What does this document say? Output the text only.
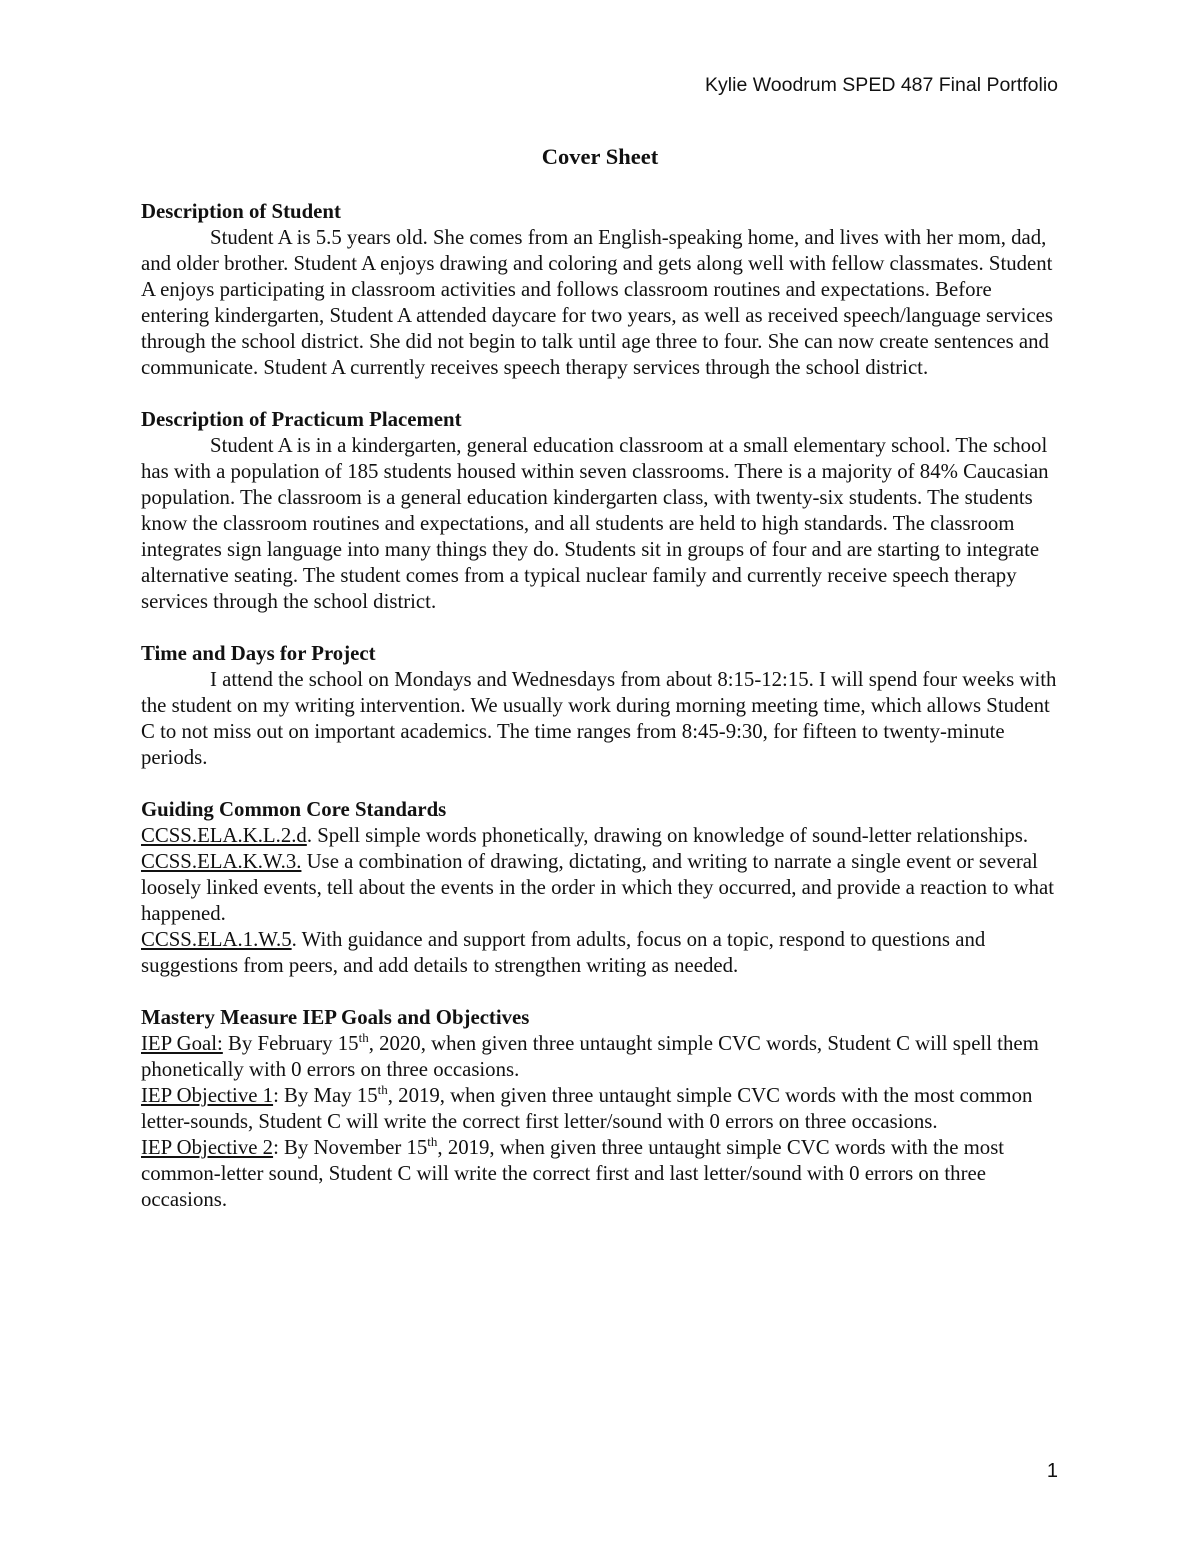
Kylie Woodrum SPED 487 Final Portfolio
Cover Sheet

Description of Student

Student A is 5.5 years old. She comes from an English-speaking home, and lives with her mom, dad, and older brother. Student A enjoys drawing and coloring and gets along well with fellow classmates. Student A enjoys participating in classroom activities and follows classroom routines and expectations. Before entering kindergarten, Student A attended daycare for two years, as well as received speech/language services through the school district. She did not begin to talk until age three to four. She can now create sentences and communicate. Student A currently receives speech therapy services through the school district.

Description of Practicum Placement

Student A is in a kindergarten, general education classroom at a small elementary school. The school has with a population of 185 students housed within seven classrooms. There is a majority of 84% Caucasian population. The classroom is a general education kindergarten class, with twenty-six students. The students know the classroom routines and expectations, and all students are held to high standards. The classroom integrates sign language into many things they do. Students sit in groups of four and are starting to integrate alternative seating. The student comes from a typical nuclear family and currently receive speech therapy services through the school district.

Time and Days for Project

I attend the school on Mondays and Wednesdays from about 8:15-12:15. I will spend four weeks with the student on my writing intervention. We usually work during morning meeting time, which allows Student C to not miss out on important academics. The time ranges from 8:45-9:30, for fifteen to twenty-minute periods.

Guiding Common Core Standards

CCSS.ELA.K.L.2.d. Spell simple words phonetically, drawing on knowledge of sound-letter relationships.

CCSS.ELA.K.W.3. Use a combination of drawing, dictating, and writing to narrate a single event or several loosely linked events, tell about the events in the order in which they occurred, and provide a reaction to what happened.

CCSS.ELA.1.W.5. With guidance and support from adults, focus on a topic, respond to questions and suggestions from peers, and add details to strengthen writing as needed.

Mastery Measure IEP Goals and Objectives

IEP Goal: By February 15th, 2020, when given three untaught simple CVC words, Student C will spell them phonetically with 0 errors on three occasions.

IEP Objective 1: By May 15th, 2019, when given three untaught simple CVC words with the most common letter-sounds, Student C will write the correct first letter/sound with 0 errors on three occasions.

IEP Objective 2: By November 15th, 2019, when given three untaught simple CVC words with the most common-letter sound, Student C will write the correct first and last letter/sound with 0 errors on three occasions.

1
